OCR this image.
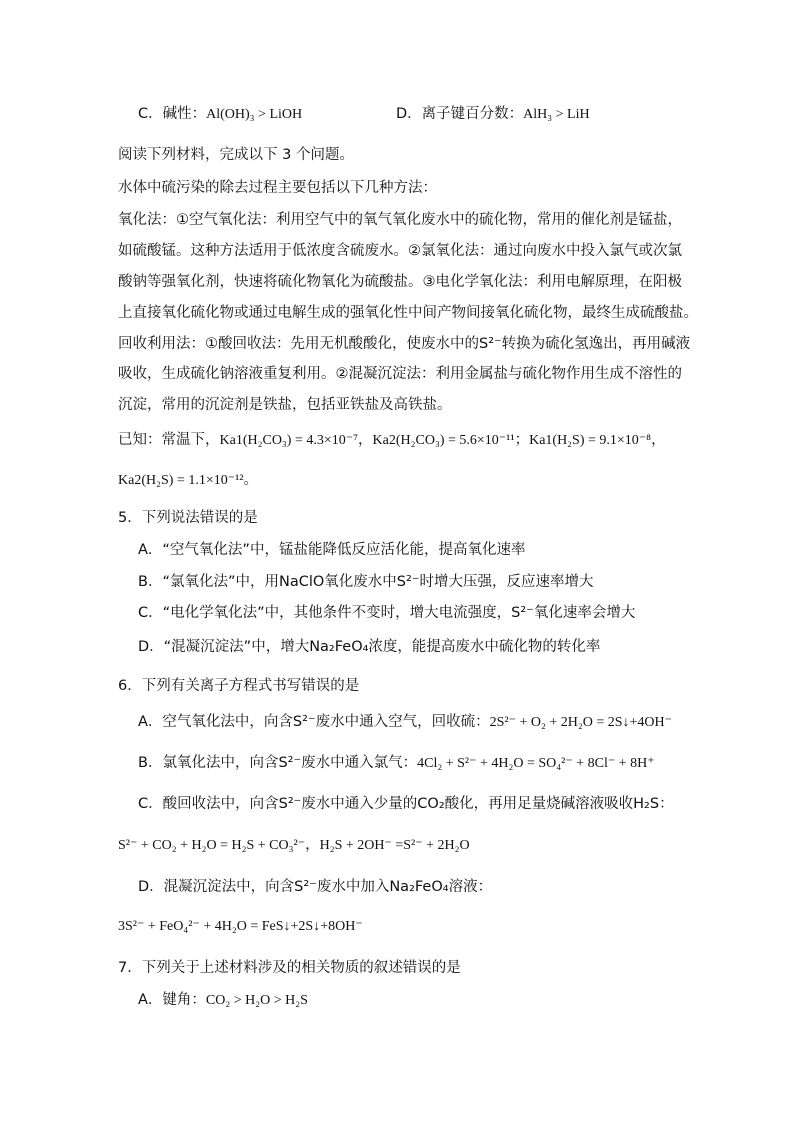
C．碱性：Al(OH)₃ > LiOH	D．离子键百分数：AlH₃ > LiH
阅读下列材料，完成以下 3 个问题。
水体中硫污染的除去过程主要包括以下几种方法：
氧化法：①空气氧化法：利用空气中的氧气氧化废水中的硫化物，常用的催化剂是锰盐，
如硫酸锰。这种方法适用于低浓度含硫废水。②氯氧化法：通过向废水中投入氯气或次氯
酸钠等强氧化剂，快速将硫化物氧化为硫酸盐。③电化学氧化法：利用电解原理，在阳极
上直接氧化硫化物或通过电解生成的强氧化性中间产物间接氧化硫化物，最终生成硫酸盐。
回收利用法：①酸回收法：先用无机酸酸化，使废水中的S²⁻转换为硫化氢逸出，再用碱液
吸收，生成硫化钠溶液重复利用。②混凝沉淀法：利用金属盐与硫化物作用生成不溶性的
沉淀，常用的沉淀剂是铁盐，包括亚铁盐及高铁盐。
已知：常温下，Ka1(H₂CO₃) = 4.3×10⁻⁷，Ka2(H₂CO₃) = 5.6×10⁻¹¹；Ka1(H₂S) = 9.1×10⁻⁸，
Ka2(H₂S) = 1.1×10⁻¹²。
5．下列说法错误的是
A．“空气氧化法”中，锰盐能降低反应活化能，提高氧化速率
B．“氯氧化法”中，用NaClO氧化废水中S²⁻时增大压强，反应速率增大
C．“电化学氧化法”中，其他条件不变时，增大电流强度，S²⁻氧化速率会增大
D．“混凝沉淀法”中，增大Na₂FeO₄浓度，能提高废水中硫化物的转化率
6．下列有关离子方程式书写错误的是
A．空气氧化法中，向含S²⁻废水中通入空气，回收硫：2S²⁻ + O₂ + 2H₂O = 2S↓+4OH⁻
B．氯氧化法中，向含S²⁻废水中通入氯气：4Cl₂ + S²⁻ + 4H₂O = SO₄²⁻ + 8Cl⁻ + 8H⁺
C．酸回收法中，向含S²⁻废水中通入少量的CO₂酸化，再用足量烧碱溶液吸收H₂S：
S²⁻ + CO₂ + H₂O = H₂S + CO₃²⁻，H₂S + 2OH⁻ =S²⁻ + 2H₂O
D．混凝沉淀法中，向含S²⁻废水中加入Na₂FeO₄溶液：
3S²⁻ + FeO₄²⁻ + 4H₂O = FeS↓+2S↓+8OH⁻
7．下列关于上述材料涉及的相关物质的叙述错误的是
A．键角：CO₂ > H₂O > H₂S
